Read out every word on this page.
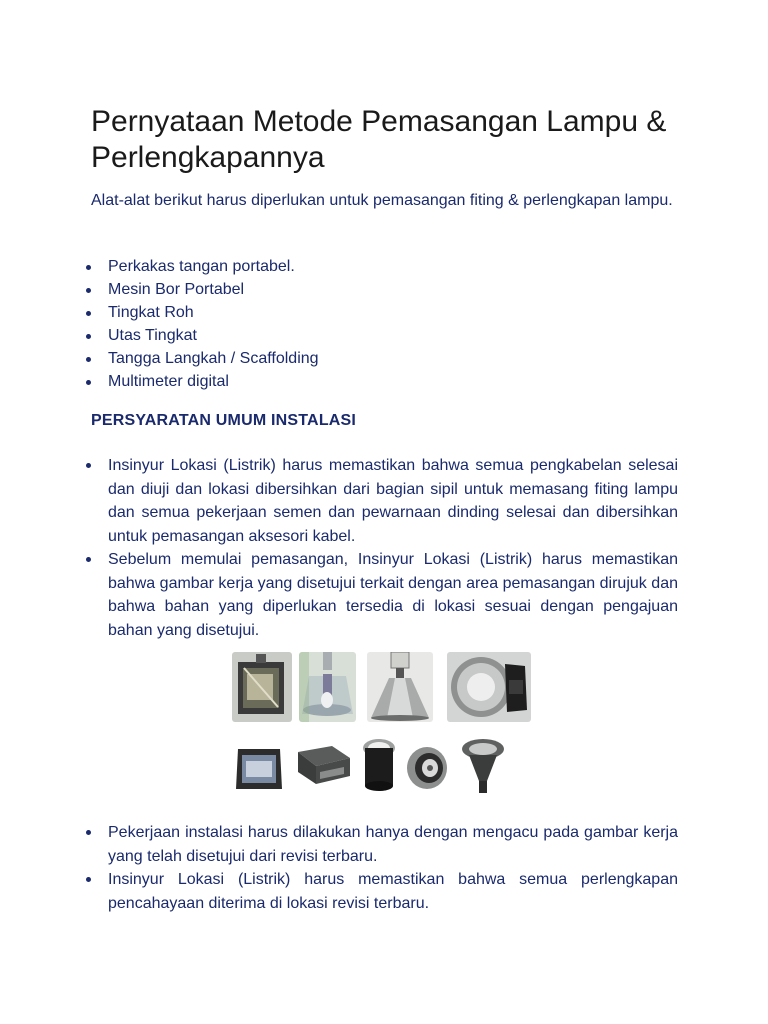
Pernyataan Metode Pemasangan Lampu & Perlengkapannya

Alat-alat berikut harus diperlukan untuk pemasangan fiting & perlengkapan lampu.

Perkakas tangan portabel.
Mesin Bor Portabel
Tingkat Roh
Utas Tingkat
Tangga Langkah / Scaffolding
Multimeter digital
PERSYARATAN UMUM INSTALASI
Insinyur Lokasi (Listrik) harus memastikan bahwa semua pengkabelan selesai dan diuji dan lokasi dibersihkan dari bagian sipil untuk memasang fiting lampu dan semua pekerjaan semen dan pewarnaan dinding selesai dan dibersihkan untuk pemasangan aksesori kabel.
Sebelum memulai pemasangan, Insinyur Lokasi (Listrik) harus memastikan bahwa gambar kerja yang disetujui terkait dengan area pemasangan dirujuk dan bahwa bahan yang diperlukan tersedia di lokasi sesuai dengan pengajuan bahan yang disetujui.
Pekerjaan instalasi harus dilakukan hanya dengan mengacu pada gambar kerja yang telah disetujui dari revisi terbaru.
Insinyur Lokasi (Listrik) harus memastikan bahwa semua perlengkapan pencahayaan diterima di lokasi revisi terbaru.
